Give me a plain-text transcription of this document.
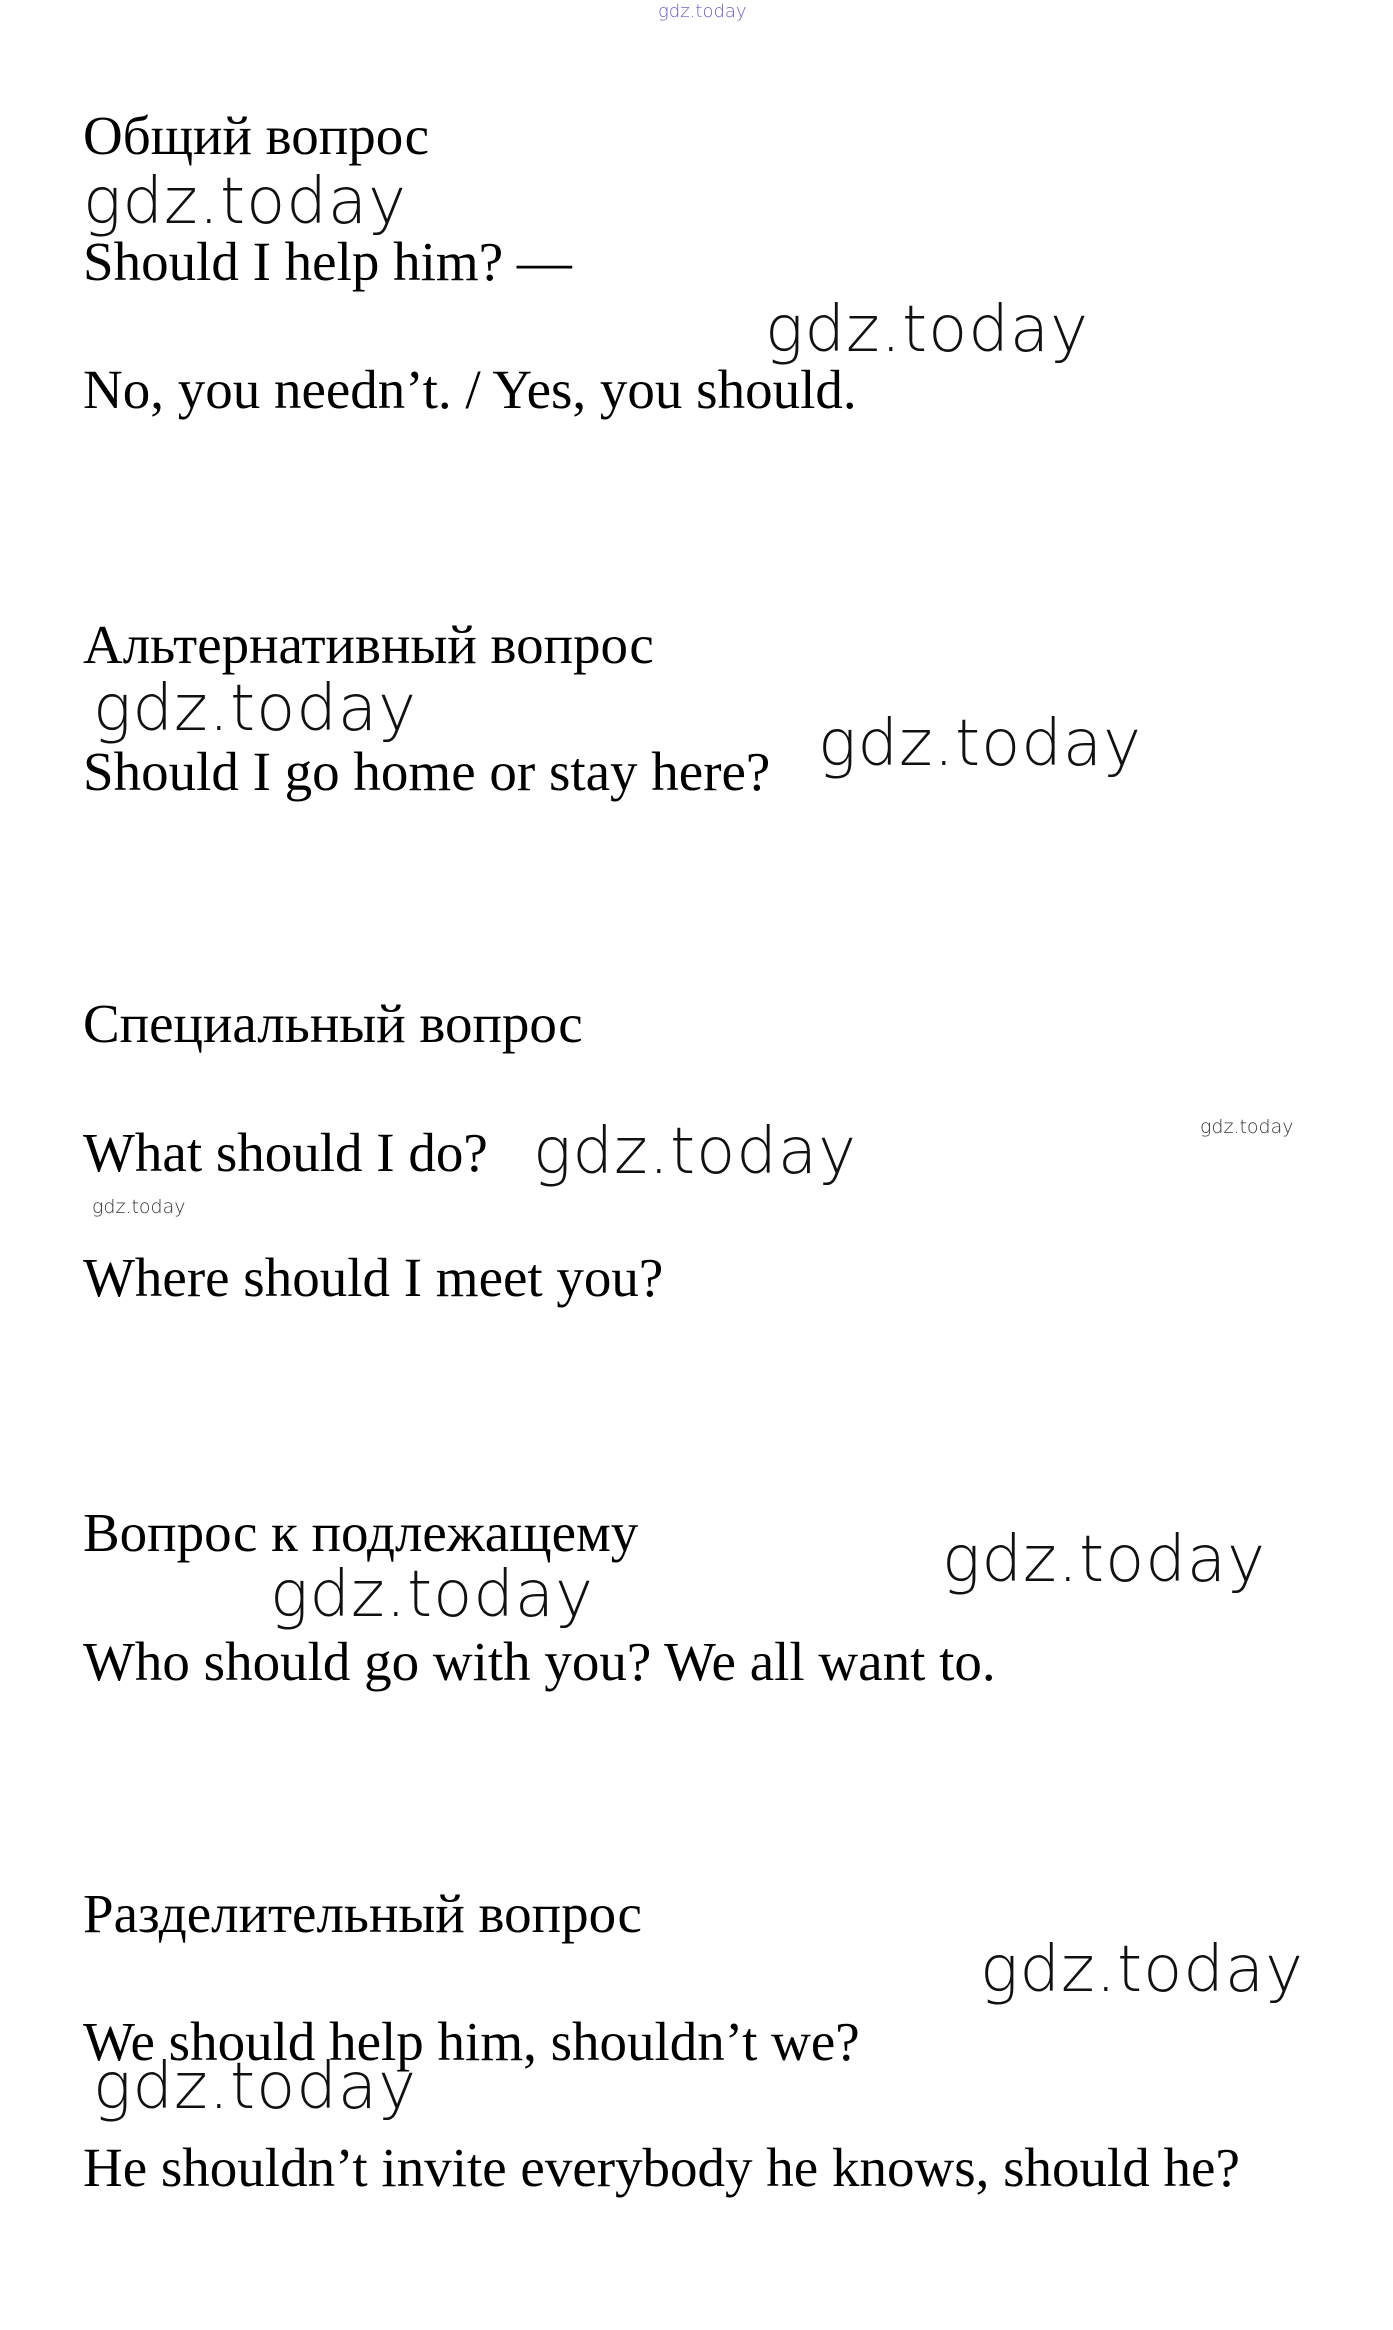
gdz.today
Общий вопрос
gdz.today

Should I help him? —

gdz.today

No, you needn’t. / Yes, you should.

Альтернативный вопрос
gdz.today

Should I go home or stay here? gdz.today
Специальный вопрос

What should I do? gdz.today	gdz.today
gdz.today

Where should I meet you?

Вопрос к подлежащему	gdz.today
gdz.today

Who should go with you? We all want to.

Разделительный вопрос
gdz.today

We should help him, shouldn’t we?

gdz.today

He shouldn’t invite everybody he knows, should he?
